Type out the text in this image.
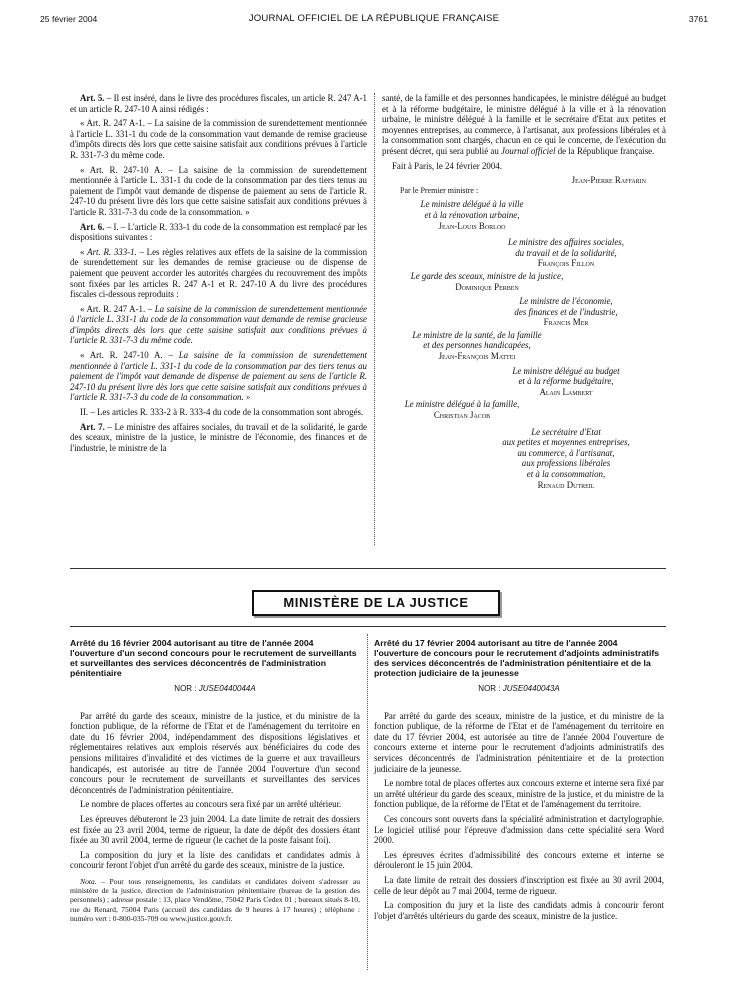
25 février 2004	JOURNAL OFFICIEL DE LA RÉPUBLIQUE FRANÇAISE	3761

Art. 5. – Il est inséré, dans le livre des procédures fiscales, un article R. 247 A-1 et un article R. 247-10 A ainsi rédigés :

« Art. R. 247 A-1. – La saisine de la commission de surendettement mentionnée à l'article L. 331-1 du code de la consommation vaut demande de remise gracieuse d'impôts directs dès lors que cette saisine satisfait aux conditions prévues à l'article R. 331-7-3 du même code.

« Art. R. 247-10 A. – La saisine de la commission de surendettement mentionnée à l'article L. 331-1 du code de la consommation par des tiers tenus au paiement de l'impôt vaut demande de dispense de paiement au sens de l'article R. 247-10 du présent livre dès lors que cette saisine satisfait aux conditions prévues à l'article R. 331-7-3 du code de la consommation. »

Art. 6. – I. – L'article R. 333-1 du code de la consommation est remplacé par les dispositions suivantes :

« Art. R. 333-1. – Les règles relatives aux effets de la saisine de la commission de surendettement sur les demandes de remise gracieuse ou de dispense de paiement que peuvent accorder les autorités chargées du recouvrement des impôts sont fixées par les articles R. 247 A-1 et R. 247-10 A du livre des procédures fiscales ci-dessous reproduits :

« Art. R. 247 A-1. – La saisine de la commission de surendettement mentionnée à l'article L. 331-1 du code de la consommation vaut demande de remise gracieuse d'impôts directs dès lors que cette saisine satisfait aux conditions prévues à l'article R. 331-7-3 du même code.

« Art. R. 247-10 A. – La saisine de la commission de surendettement mentionnée à l'article L. 331-1 du code de la consommation par des tiers tenus au paiement de l'impôt vaut demande de dispense de paiement au sens de l'article R. 247-10 du présent livre dès lors que cette saisine satisfait aux conditions prévues à l'article R. 331-7-3 du code de la consommation. »

II. – Les articles R. 333-2 à R. 333-4 du code de la consommation sont abrogés.

Art. 7. – Le ministre des affaires sociales, du travail et de la solidarité, le garde des sceaux, ministre de la justice, le ministre de l'économie, des finances et de l'industrie, le ministre de la

santé, de la famille et des personnes handicapées, le ministre délégué au budget et à la réforme budgétaire, le ministre délégué à la ville et à la rénovation urbaine, le ministre délégué à la famille et le secrétaire d'Etat aux petites et moyennes entreprises, au commerce, à l'artisanat, aux professions libérales et à la consommation sont chargés, chacun en ce qui le concerne, de l'exécution du présent décret, qui sera publié au Journal officiel de la République française.

Fait à Paris, le 24 février 2004.

Jean-Pierre Raffarin
Par le Premier ministre :
Le ministre délégué à la ville
et à la rénovation urbaine,
Jean-Louis Borloo
Le ministre des affaires sociales,
du travail et de la solidarité,
François Fillon
Le garde des sceaux, ministre de la justice,
Dominique Perben
Le ministre de l'économie,
des finances et de l'industrie,
Francis Mer
Le ministre de la santé, de la famille
et des personnes handicapées,
Jean-François Mattei
Le ministre délégué au budget
et à la réforme budgétaire,
Alain Lambert
Le ministre délégué à la famille,
Christian Jacob
Le secrétaire d'Etat
aux petites et moyennes entreprises,
au commerce, à l'artisanat,
aux professions libérales
et à la consommation,
Renaud Dutreil
MINISTÈRE DE LA JUSTICE
Arrêté du 16 février 2004 autorisant au titre de l'année 2004 l'ouverture d'un second concours pour le recrutement de surveillants et surveillantes des services déconcentrés de l'administration pénitentiaire
NOR : JUSE0440044A

Par arrêté du garde des sceaux, ministre de la justice, et du ministre de la fonction publique, de la réforme de l'Etat et de l'aménagement du territoire en date du 16 février 2004, indépendamment des dispositions législatives et réglementaires relatives aux emplois réservés aux bénéficiaires du code des pensions militaires d'invalidité et des victimes de la guerre et aux travailleurs handicapés, est autorisée au titre de l'année 2004 l'ouverture d'un second concours pour le recrutement de surveillants et surveillantes des services déconcentrés de l'administration pénitentiaire.

Le nombre de places offertes au concours sera fixé par un arrêté ultérieur.

Les épreuves débuteront le 23 juin 2004. La date limite de retrait des dossiers est fixée au 23 avril 2004, terme de rigueur, la date de dépôt des dossiers étant fixée au 30 avril 2004, terme de rigueur (le cachet de la poste faisant foi).

La composition du jury et la liste des candidats et candidates admis à concourir feront l'objet d'un arrêté du garde des sceaux, ministre de la justice.

Nota. – Pour tous renseignements, les candidats et candidates doivent s'adresser au ministère de la justice, direction de l'administration pénitentiaire (bureau de la gestion des personnels) ; adresse postale : 13, place Vendôme, 75042 Paris Cedex 01 ; bureaux situés 8-10, rue du Renard, 75004 Paris (accueil des candidats de 9 heures à 17 heures) ; téléphone : numéro vert : 0-800-035-709 ou www.justice.gouv.fr.

Arrêté du 17 février 2004 autorisant au titre de l'année 2004 l'ouverture de concours pour le recrutement d'adjoints administratifs des services déconcentrés de l'administration pénitentiaire et de la protection judiciaire de la jeunesse
NOR : JUSE0440043A

Par arrêté du garde des sceaux, ministre de la justice, et du ministre de la fonction publique, de la réforme de l'Etat et de l'aménagement du territoire en date du 17 février 2004, est autorisée au titre de l'année 2004 l'ouverture de concours externe et interne pour le recrutement d'adjoints administratifs des services déconcentrés de l'administration pénitentiaire et de la protection judiciaire de la jeunesse.

Le nombre total de places offertes aux concours externe et interne sera fixé par un arrêté ultérieur du garde des sceaux, ministre de la justice, et du ministre de la fonction publique, de la réforme de l'Etat et de l'aménagement du territoire.

Ces concours sont ouverts dans la spécialité administration et dactylographie. Le logiciel utilisé pour l'épreuve d'admission dans cette spécialité sera Word 2000.

Les épreuves écrites d'admissibilité des concours externe et interne se dérouleront le 15 juin 2004.

La date limite de retrait des dossiers d'inscription est fixée au 30 avril 2004, celle de leur dépôt au 7 mai 2004, terme de rigueur.

La composition du jury et la liste des candidats admis à concourir feront l'objet d'arrêtés ultérieurs du garde des sceaux, ministre de la justice.
